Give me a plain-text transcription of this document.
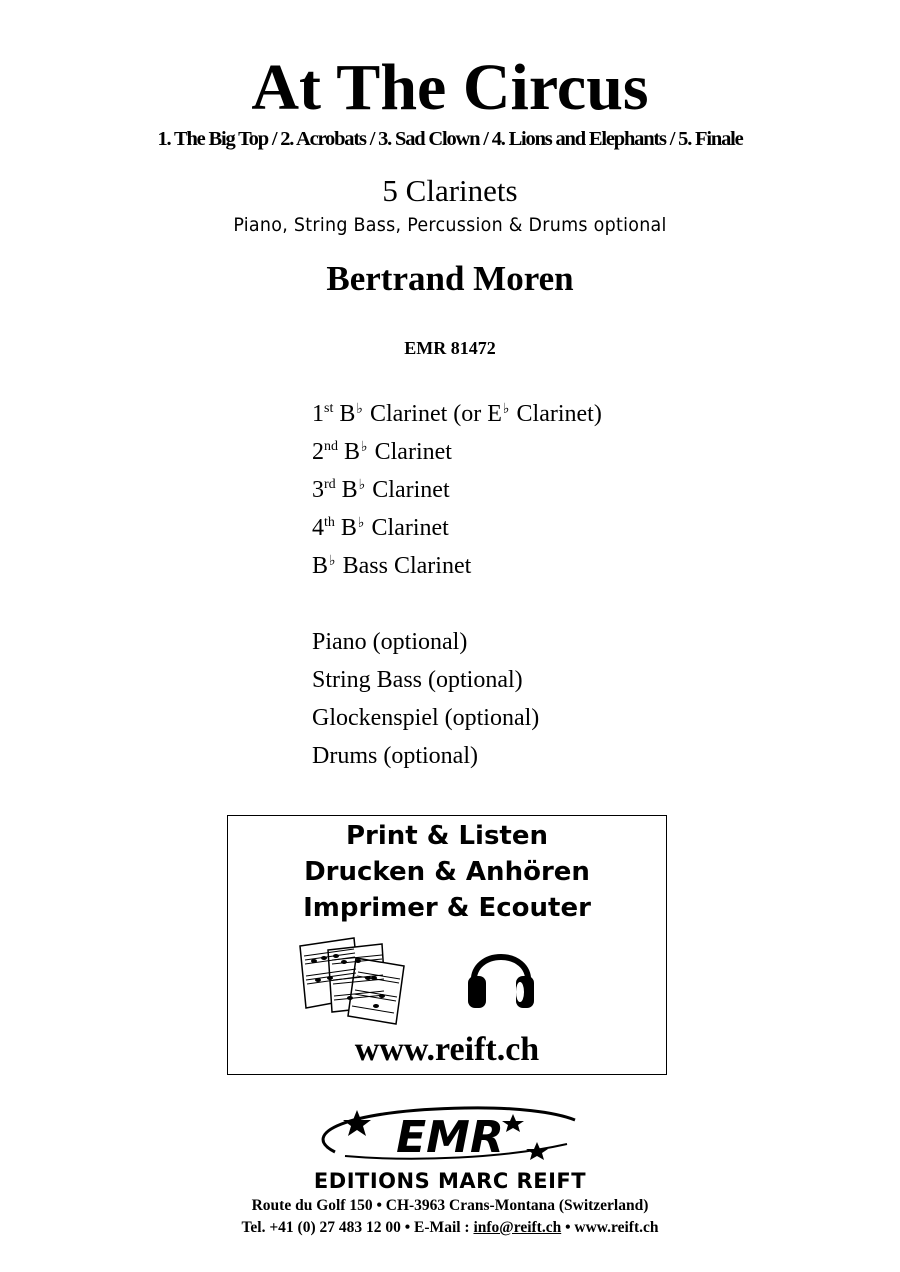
At The Circus
1. The Big Top / 2. Acrobats / 3. Sad Clown / 4. Lions and Elephants / 5. Finale
5 Clarinets
Piano, String Bass, Percussion & Drums optional
Bertrand Moren
EMR 81472
1st B♭ Clarinet (or E♭ Clarinet)
2nd B♭ Clarinet
3rd B♭ Clarinet
4th B♭ Clarinet
B♭ Bass Clarinet
Piano (optional)
String Bass (optional)
Glockenspiel (optional)
Drums (optional)
Print & Listen
Drucken & Anhören
Imprimer & Ecouter
www.reift.ch
EMR
EDITIONS MARC REIFT
Route du Golf 150 • CH-3963 Crans-Montana (Switzerland)
Tel. +41 (0) 27 483 12 00 • E-Mail : info@reift.ch • www.reift.ch
